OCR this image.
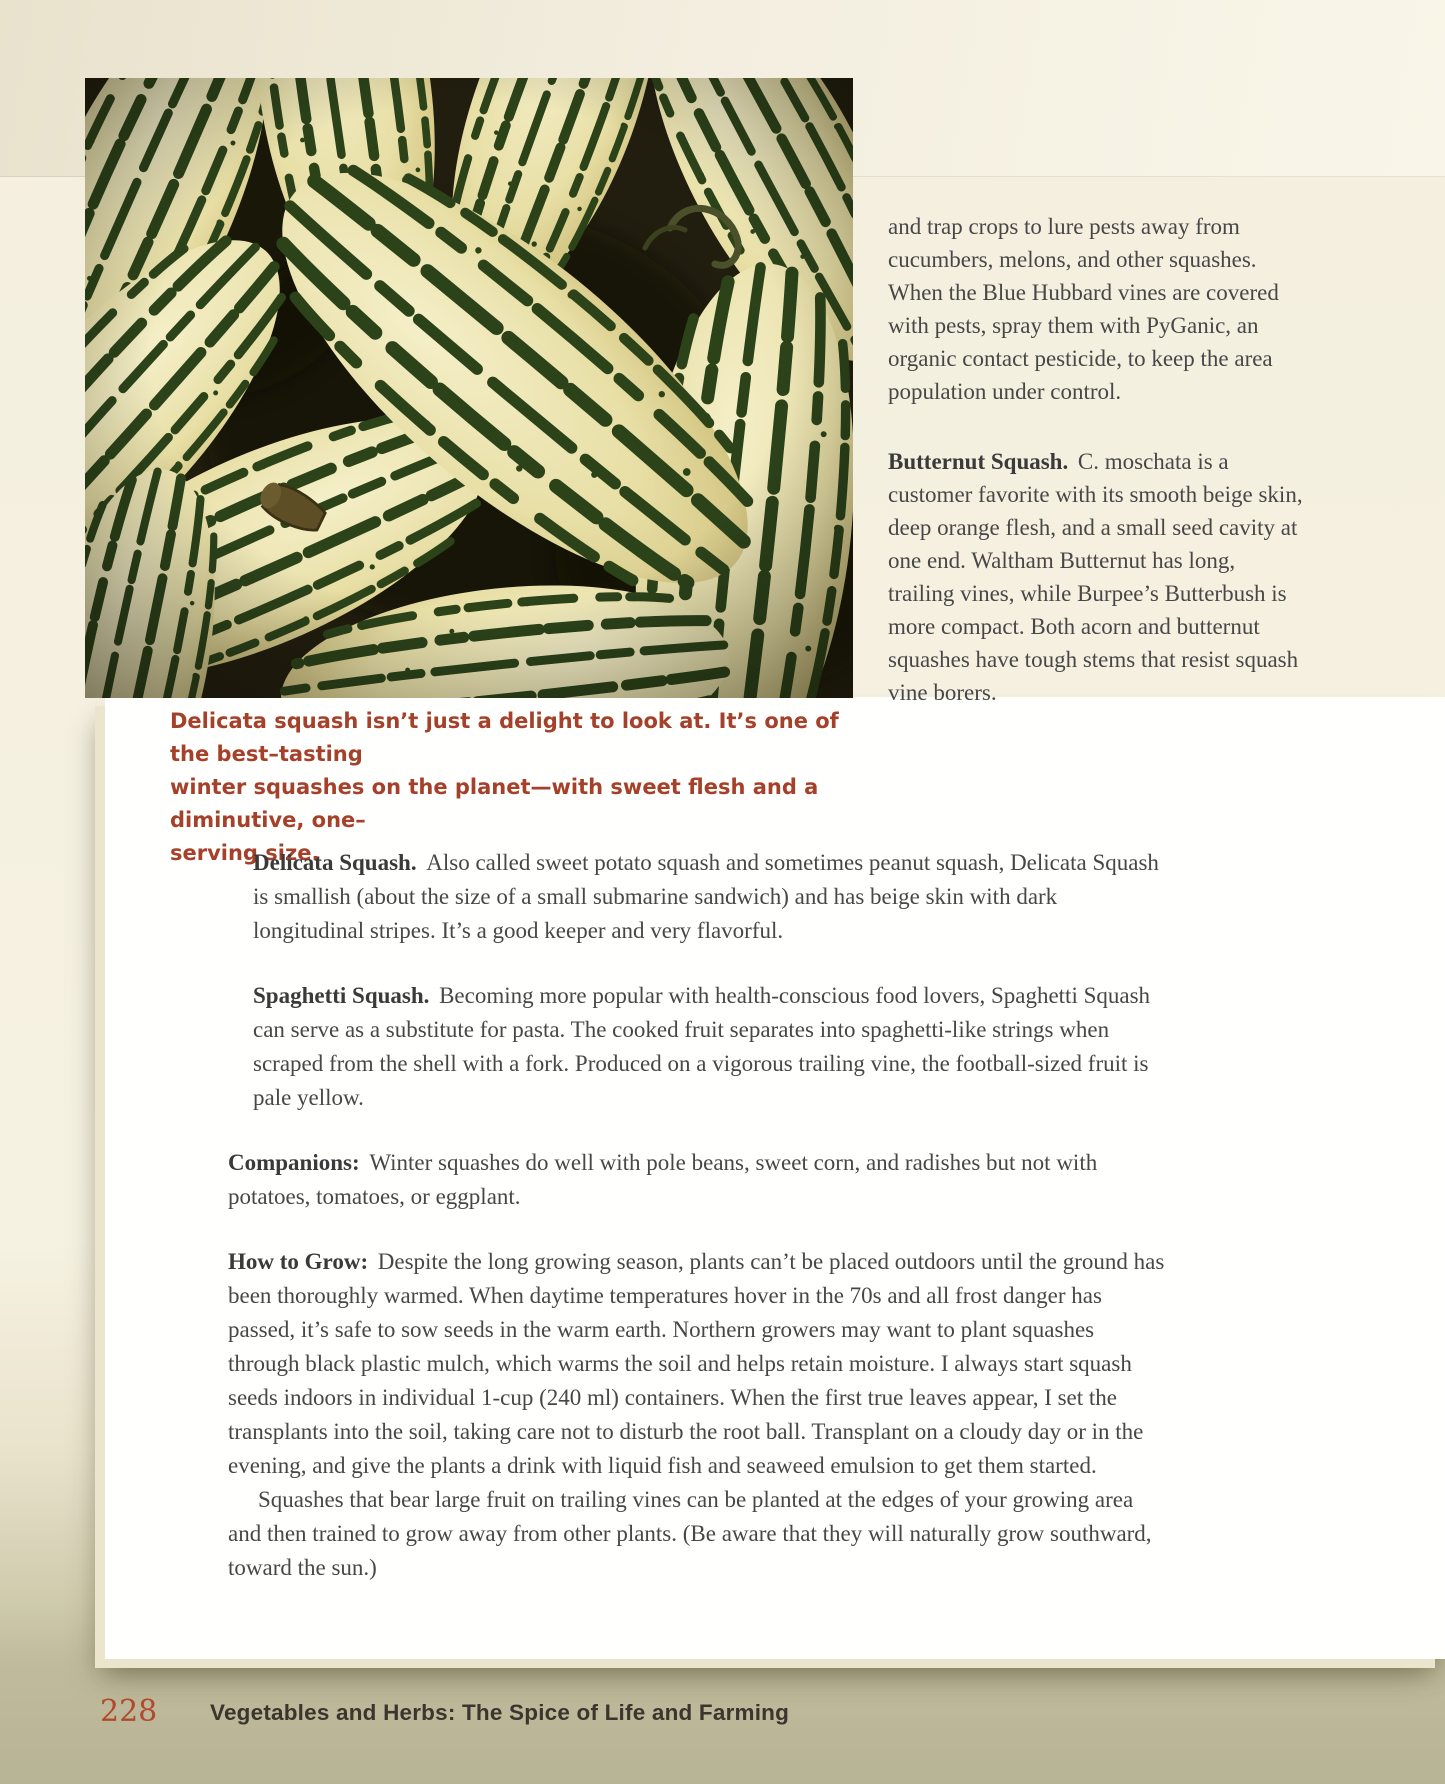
Delicata squash isn’t just a delight to look at. It’s one of the best–tasting
winter squashes on the planet—with sweet flesh and a diminutive, one–
serving size.

and trap crops to lure pests away from cucumbers, melons, and other squashes. When the Blue Hubbard vines are covered with pests, spray them with PyGanic, an organic contact pesticide, to keep the area population under control.

Butternut Squash. C. moschata is a customer favorite with its smooth beige skin, deep orange flesh, and a small seed cavity at one end. Waltham Butternut has long, trailing vines, while Burpee’s Butterbush is more compact. Both acorn and butternut squashes have tough stems that resist squash vine borers.

Delicata Squash. Also called sweet potato squash and sometimes peanut squash, Delicata Squash is smallish (about the size of a small submarine sandwich) and has beige skin with dark longitudinal stripes. It’s a good keeper and very flavorful.

Spaghetti Squash. Becoming more popular with health-conscious food lovers, Spaghetti Squash can serve as a substitute for pasta. The cooked fruit separates into spaghetti-like strings when scraped from the shell with a fork. Produced on a vigorous trailing vine, the football-sized fruit is pale yellow.

Companions: Winter squashes do well with pole beans, sweet corn, and radishes but not with potatoes, tomatoes, or eggplant.

How to Grow: Despite the long growing season, plants can’t be placed outdoors until the ground has been thoroughly warmed. When daytime temperatures hover in the 70s and all frost danger has passed, it’s safe to sow seeds in the warm earth. Northern growers may want to plant squashes through black plastic mulch, which warms the soil and helps retain moisture. I always start squash seeds indoors in individual 1-cup (240 ml) containers. When the first true leaves appear, I set the transplants into the soil, taking care not to disturb the root ball. Transplant on a cloudy day or in the evening, and give the plants a drink with liquid fish and seaweed emulsion to get them started.

Squashes that bear large fruit on trailing vines can be planted at the edges of your growing area and then trained to grow away from other plants. (Be aware that they will naturally grow southward, toward the sun.)

228 Vegetables and Herbs: The Spice of Life and Farming
